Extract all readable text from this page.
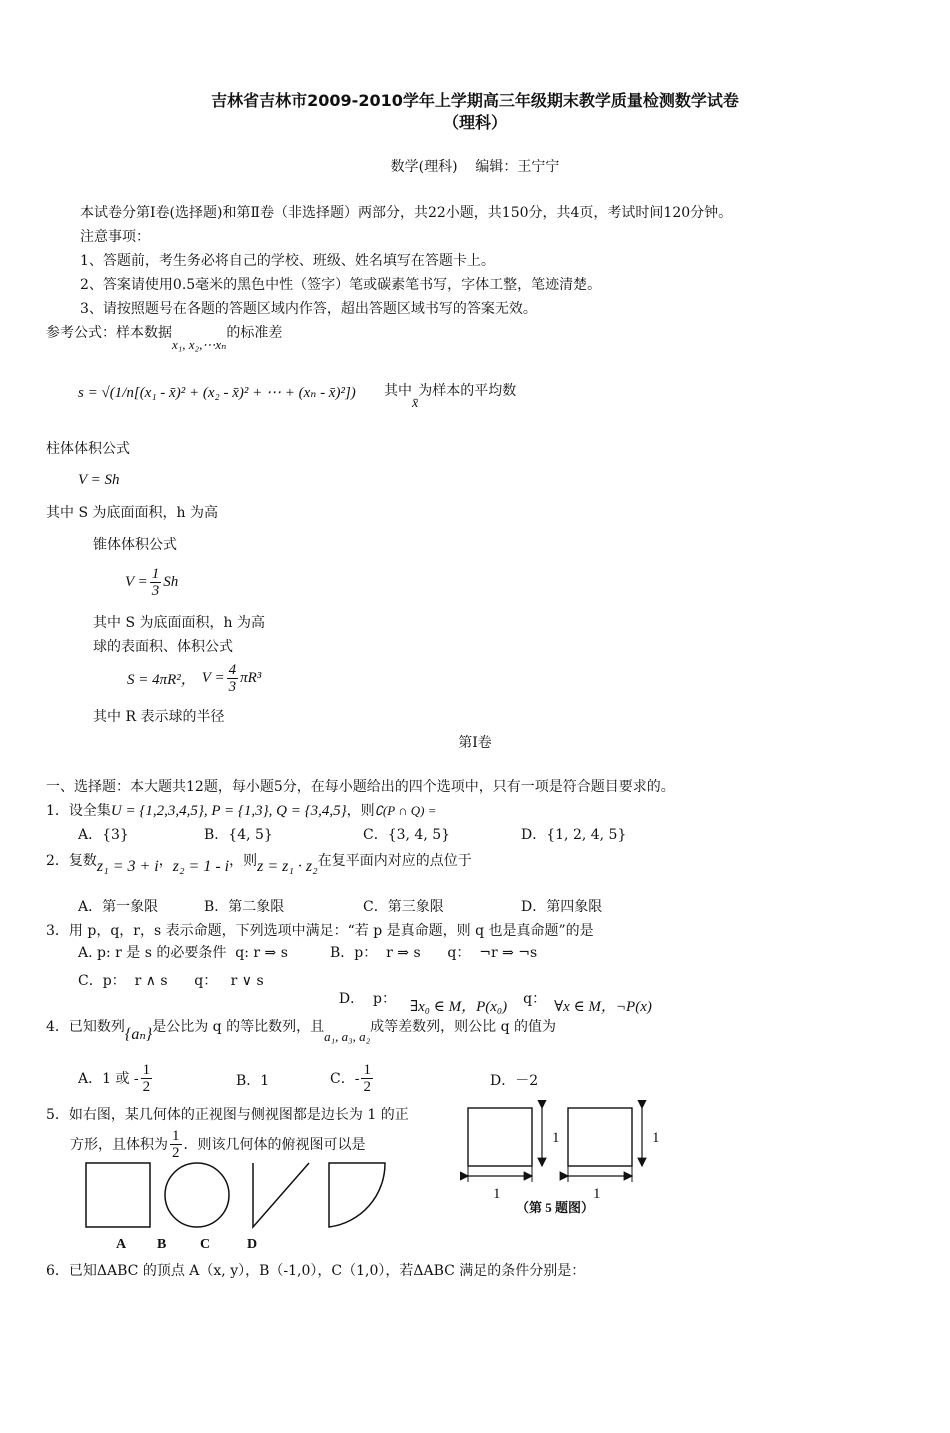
吉林省吉林市2009-2010学年上学期高三年级期末教学质量检测数学试卷
（理科）
数学(理科)    编辑：王宁宁
本试卷分第Ⅰ卷(选择题)和第Ⅱ卷（非选择题）两部分，共22小题，共150分，共4页，考试时间120分钟。
注意事项：
1、答题前，考生务必将自己的学校、班级、姓名填写在答题卡上。
2、答案请使用0.5毫米的黑色中性（签字）笔或碳素笔书写，字体工整，笔迹清楚。
3、请按照题号在各题的答题区域内作答，超出答题区域书写的答案无效。
参考公式：样本数据x₁, x₂,⋯xₙ的标准差
s = √(1/n[(x₁ - x̄)² + (x₂ - x̄)² + ⋯ + (xₙ - x̄)²]) 其中x̄为样本的平均数
柱体体积公式
V = Sh
其中 S 为底面面积，h 为高
锥体体积公式
$V = \frac{1}{3}$ Sh
其中 S 为底面面积，h 为高
球的表面积、体积公式
S = 4πR²， $V = \frac{4}{3} \pi R^3$
其中 R 表示球的半径
第Ⅰ卷
一、选择题：本大题共12题，每小题5分，在每小题给出的四个选项中，只有一项是符合题目要求的。
1．设全集U = {1,2,3,4,5}, P = {1,3}, Q = {3,4,5}，则∁(P ∩ Q) =
A．{3}	B．{4, 5}	C．{3, 4, 5}	D．{1, 2, 4, 5}
2．复数z₁ = 3 + i，z₂ = 1 - i，则z = z₁ · z₂在复平面内对应的点位于
A．第一象限	B．第二象限	C．第三象限	D．第四象限
3．用 p，q，r，s 表示命题，下列选项中满足：“若 p 是真命题，则 q 也是真命题”的是
A. p: r 是 s 的必要条件  q: r ⇒ s	B．p：  r ⇒ s      q：  ¬r ⇒ ¬s
C．p：  r ∧ s      q：   r ∨ s

D．  p： ∃x₀ ∈ M，P(x₀) q： ∀x ∈ M，¬P(x)

4．已知数列{aₙ}是公比为 q 的等比数列，且a₁, a₃, a₂成等差数列，则公比 q 的值为
A．1 或 - $\frac{1}{2}$	B．1	C．- $\frac{1}{2}$	D．－2
5．如右图，某几何体的正视图与侧视图都是边长为 1 的正
方形，且体积为 $\frac{1}{2}$ ．则该几何体的俯视图可以是
A B C	D
1	1
1	1
（第 5 题图）
6．已知ΔABC 的顶点 A（x, y），B（-1,0），C（1,0），若ΔABC 满足的条件分别是：
